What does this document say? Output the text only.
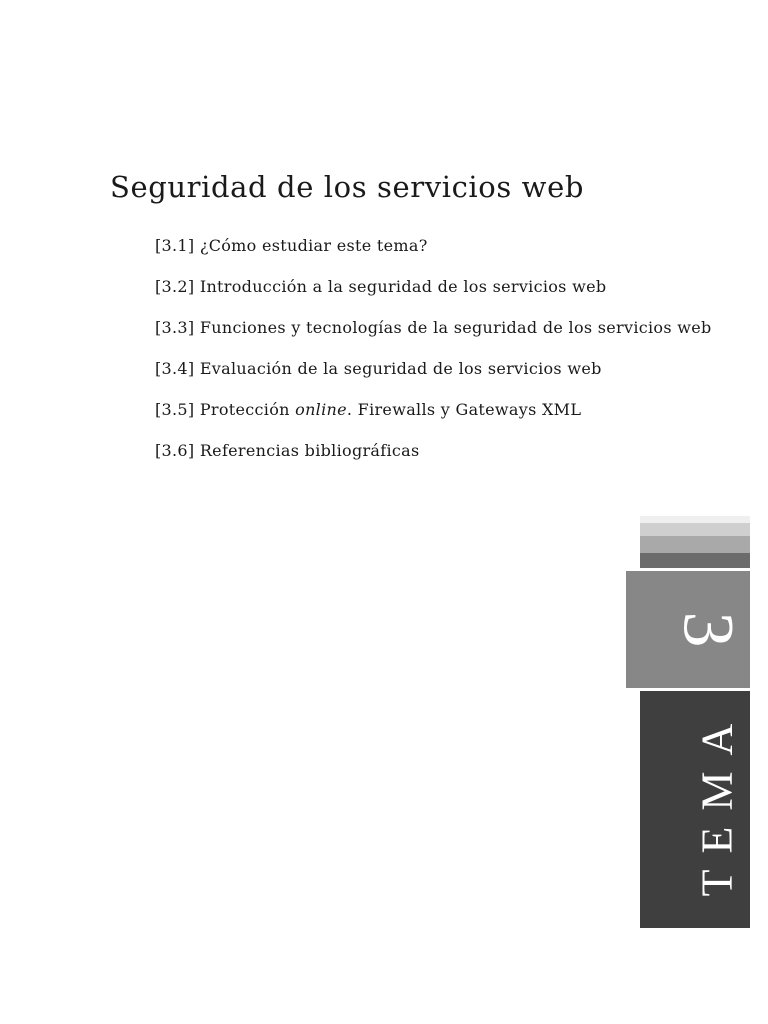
Seguridad de los servicios web
[3.1] ¿Cómo estudiar este tema?
[3.2] Introducción a la seguridad de los servicios web
[3.3] Funciones y tecnologías de la seguridad de los servicios web
[3.4] Evaluación de la seguridad de los servicios web
[3.5] Protección online. Firewalls y Gateways XML
[3.6] Referencias bibliográficas
3
TEMA
